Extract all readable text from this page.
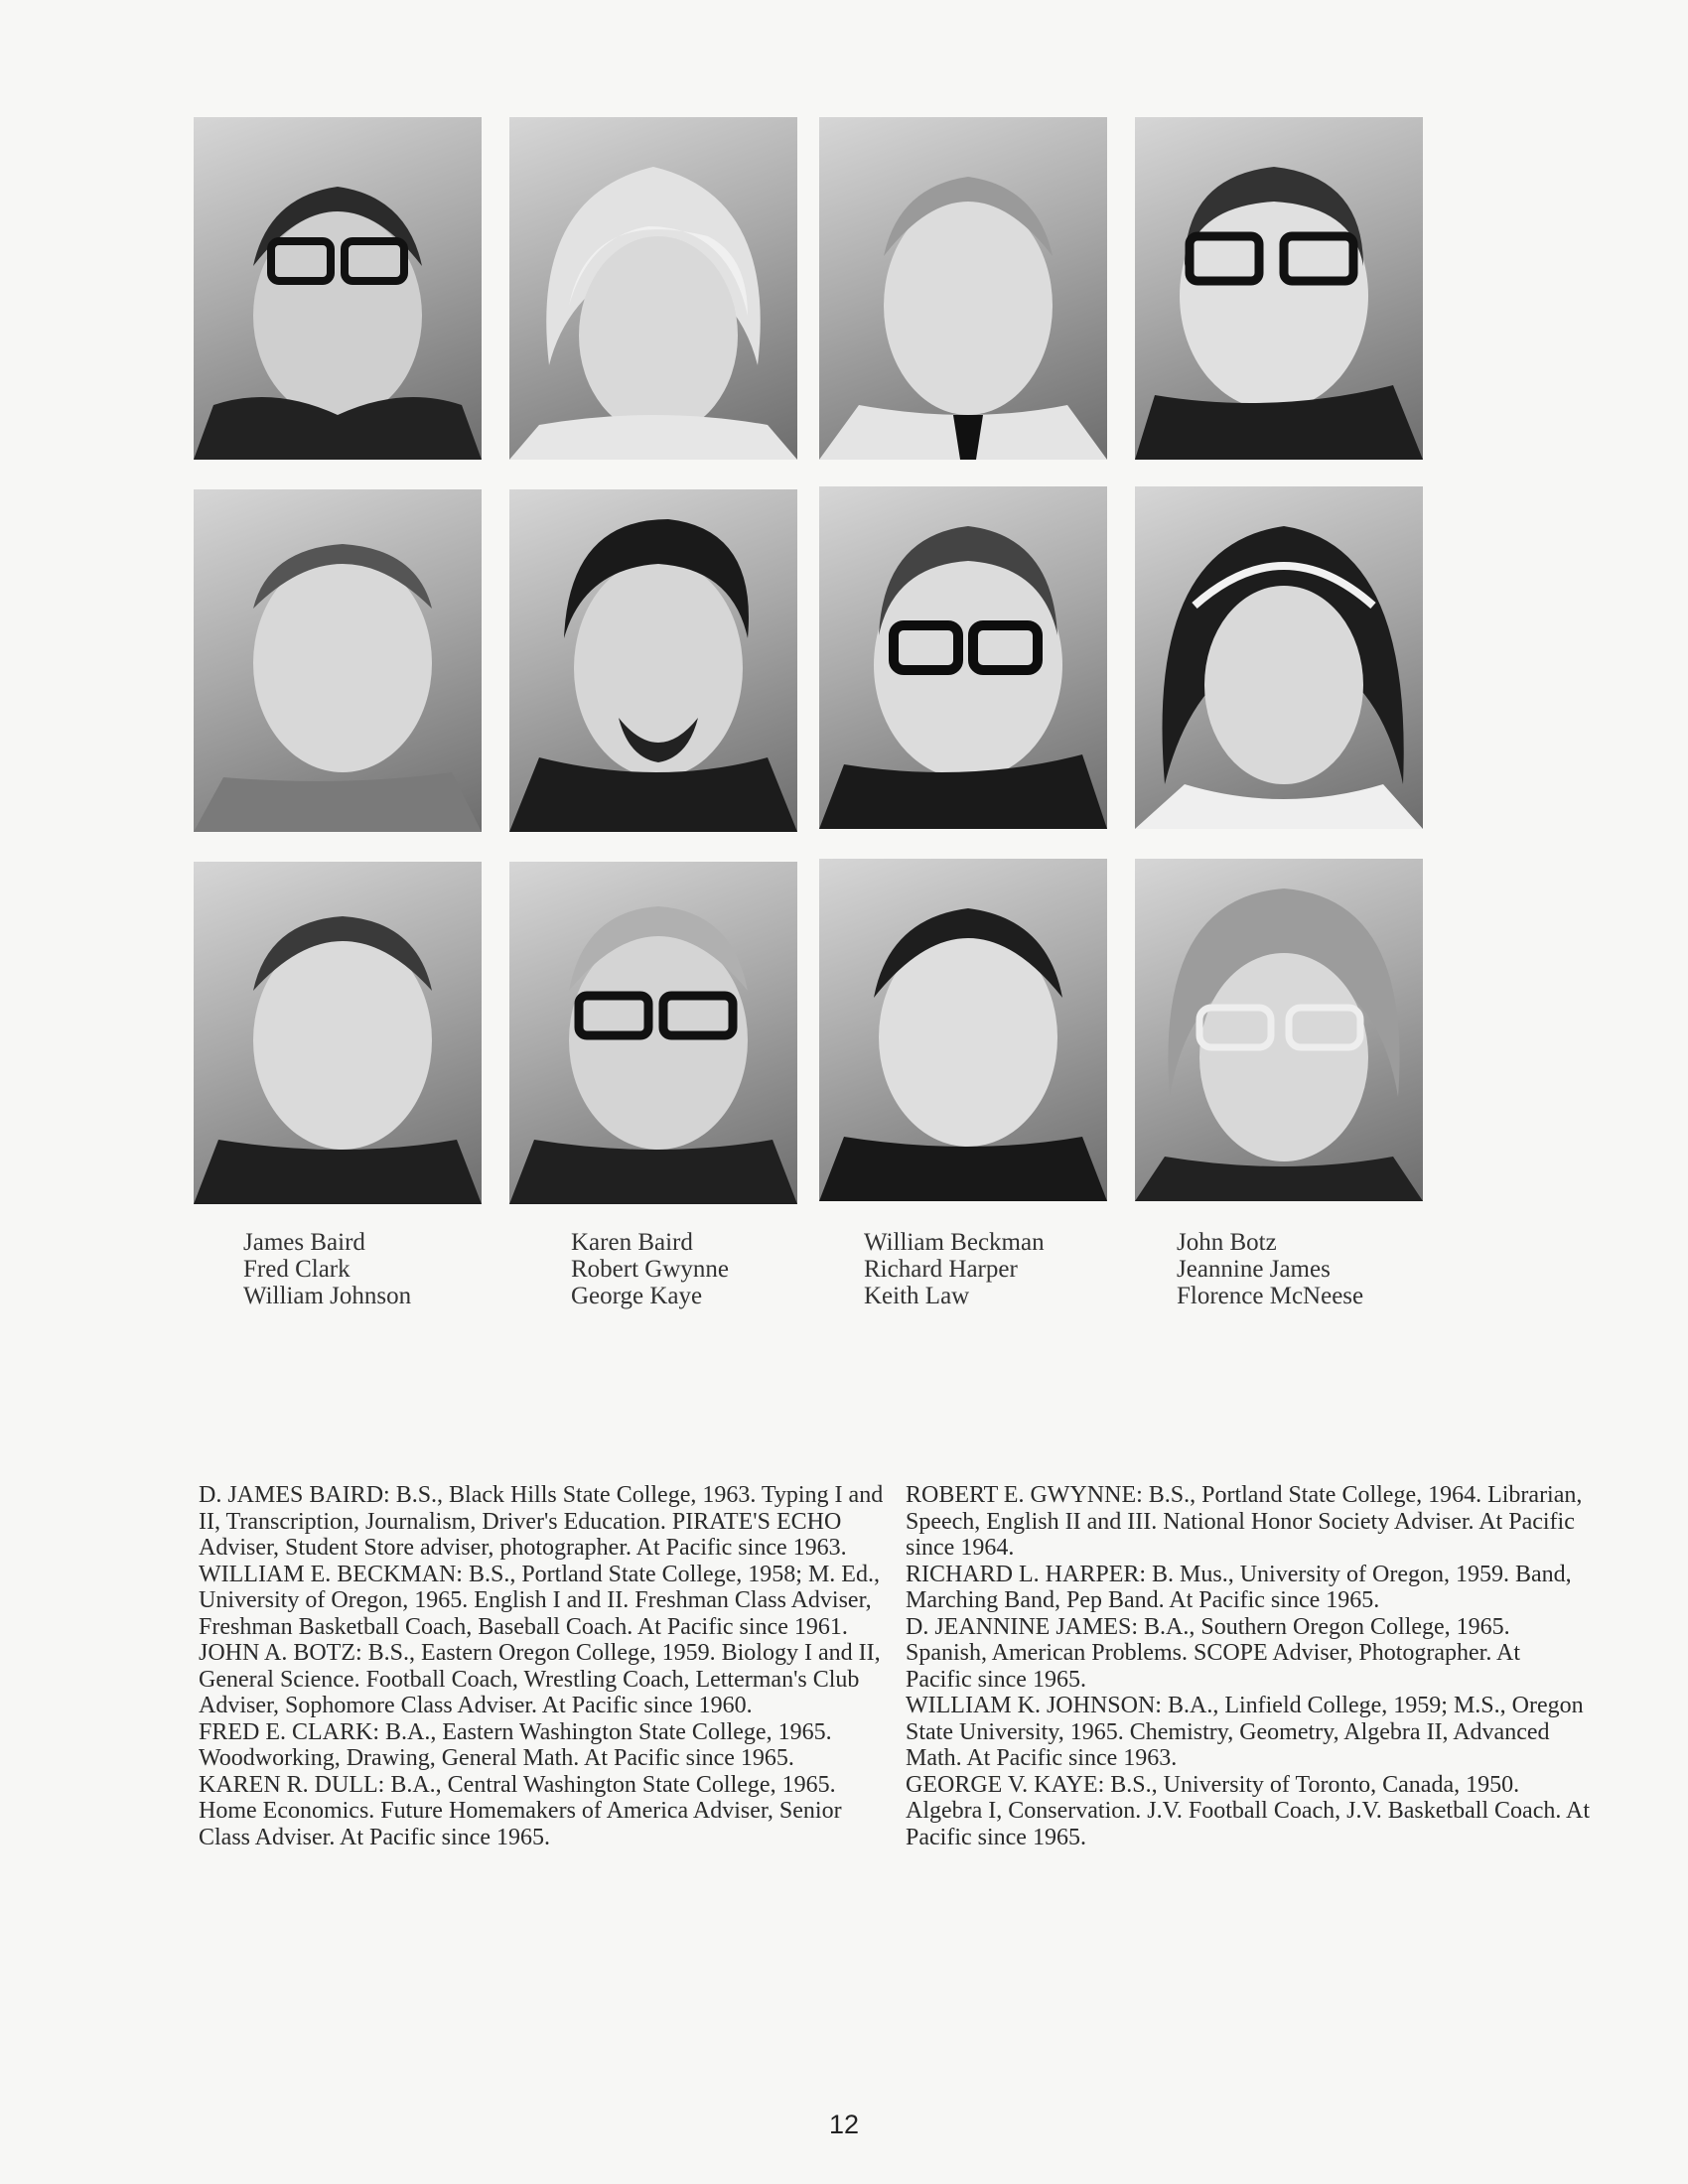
James Baird
Fred Clark
William Johnson
Karen Baird
Robert Gwynne
George Kaye
William Beckman
Richard Harper
Keith Law
John Botz
Jeannine James
Florence McNeese

D. JAMES BAIRD: B.S., Black Hills State College, 1963. Typing I and II, Transcription, Journalism, Driver's Education. PIRATE'S ECHO Adviser, Student Store adviser, photographer. At Pacific since 1963.

WILLIAM E. BECKMAN: B.S., Portland State College, 1958; M. Ed., University of Oregon, 1965. English I and II. Freshman Class Adviser, Freshman Basketball Coach, Baseball Coach. At Pacific since 1961.

JOHN A. BOTZ: B.S., Eastern Oregon College, 1959. Biology I and II, General Science. Football Coach, Wrestling Coach, Letterman's Club Adviser, Sophomore Class Adviser. At Pacific since 1960.

FRED E. CLARK: B.A., Eastern Washington State College, 1965. Woodworking, Drawing, General Math. At Pacific since 1965.

KAREN R. DULL: B.A., Central Washington State College, 1965. Home Economics. Future Homemakers of America Adviser, Senior Class Adviser. At Pacific since 1965.

ROBERT E. GWYNNE: B.S., Portland State College, 1964. Librarian, Speech, English II and III. National Honor Society Adviser. At Pacific since 1964.

RICHARD L. HARPER: B. Mus., University of Oregon, 1959. Band, Marching Band, Pep Band. At Pacific since 1965.

D. JEANNINE JAMES: B.A., Southern Oregon College, 1965. Spanish, American Problems. SCOPE Adviser, Photographer. At Pacific since 1965.

WILLIAM K. JOHNSON: B.A., Linfield College, 1959; M.S., Oregon State University, 1965. Chemistry, Geometry, Algebra II, Advanced Math. At Pacific since 1963.

GEORGE V. KAYE: B.S., University of Toronto, Canada, 1950. Algebra I, Conservation. J.V. Football Coach, J.V. Basketball Coach. At Pacific since 1965.

12
